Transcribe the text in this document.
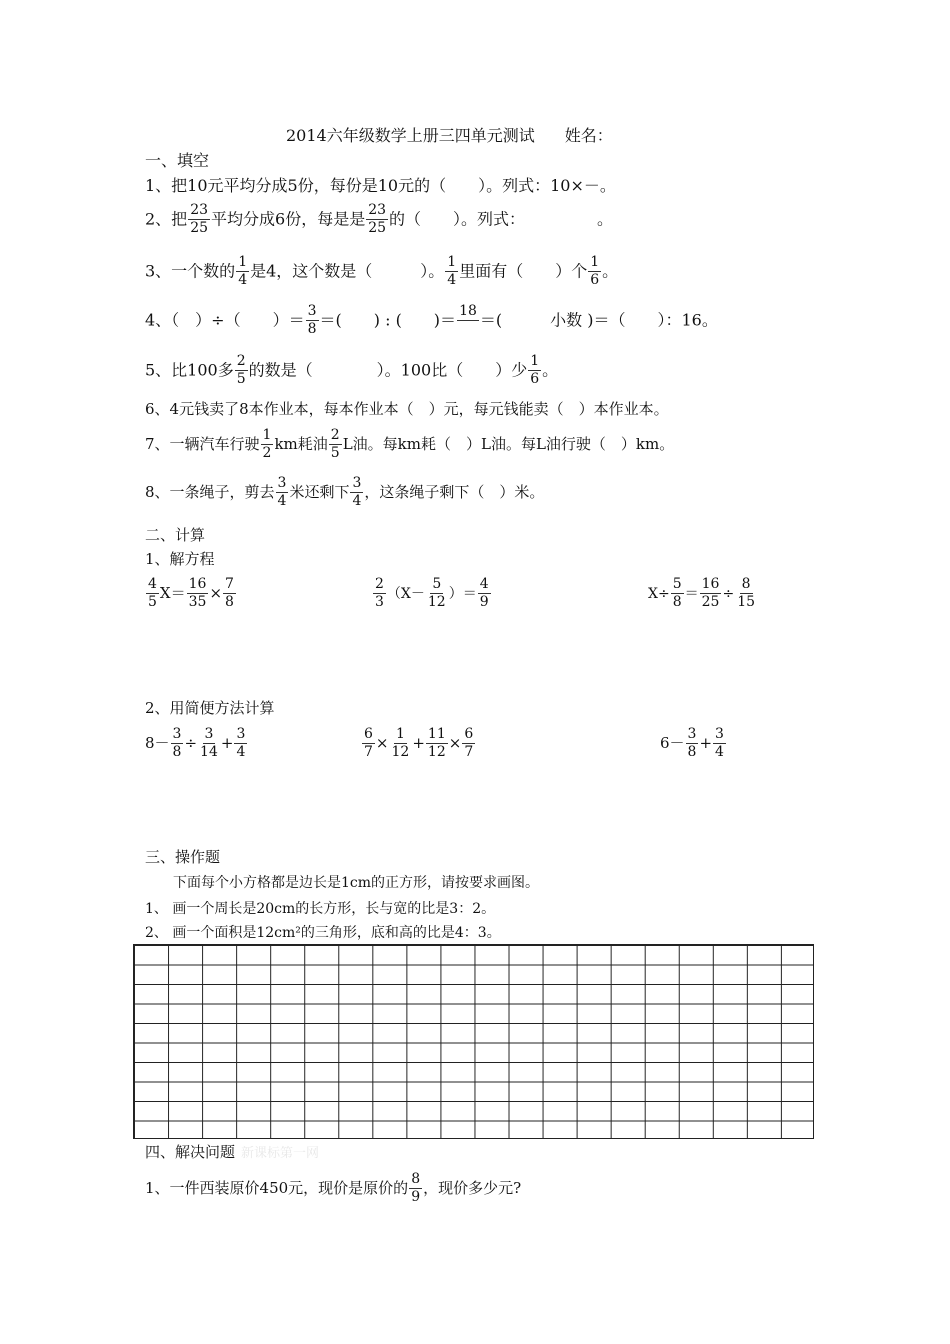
2014六年级数学上册三四单元测试 姓名：
一、填空
1、把10元平均分成5份，每份是10元的（　　）。列式：10×－。
2、把 $\frac{23}{25}$ 平均分成6份，每是是 $\frac{23}{25}$ 的（　　）。列式：　　　　　。
3、一个数的 $\frac{1}{4}$ 是4，这个数是（　　　）。 $\frac{1}{4}$ 里面有（　　）个 $\frac{1}{6}$ 。
4、（　）÷（　　）＝ $\frac{3}{8}$ ＝(　　) : (　　)＝ 18
＝(　　　小数 )＝（　　）：16。
5、比100多 $\frac{2}{5}$ 的数是（　　　　）。100比（　　）少 $\frac{1}{6}$ 。
6、4元钱卖了8本作业本，每本作业本（　）元，每元钱能卖（　）本作业本。
7、一辆汽车行驶 $\frac{1}{2}$ km耗油 $\frac{2}{5}$ L油。每km耗（　）L油。每L油行驶（　）km。
8、一条绳子，剪去 $\frac{3}{4}$ 米还剩下 $\frac{3}{4}$ ，这条绳子剩下（　）米。
二、计算
1、解方程
$\frac{4}{5} X= \frac{16}{35} \times \frac{7}{8}$	$\frac{2}{3} (X- \frac{5}{12}$ ）＝ $\frac{4}{9}$	$X\div \frac{5}{8} = \frac{16}{25} \div \frac{8}{15}$
2、用简便方法计算
$8- \frac{3}{8} \div \frac{3}{14} + \frac{3}{4}$	$\frac{6}{7} \times \frac{1}{12} + \frac{11}{12} \times \frac{6}{7}$	$6- \frac{3}{8} + \frac{3}{4}$
三、操作题
下面每个小方格都是边长是1cm的正方形，请按要求画图。
1、 画一个周长是20cm的长方形，长与宽的比是3：2。
2、 画一个面积是12cm²的三角形，底和高的比是4：3。
四、解决问题 新课标第一网
1、一件西装原价450元，现价是原价的 $\frac{8}{9}$ ，现价多少元?
